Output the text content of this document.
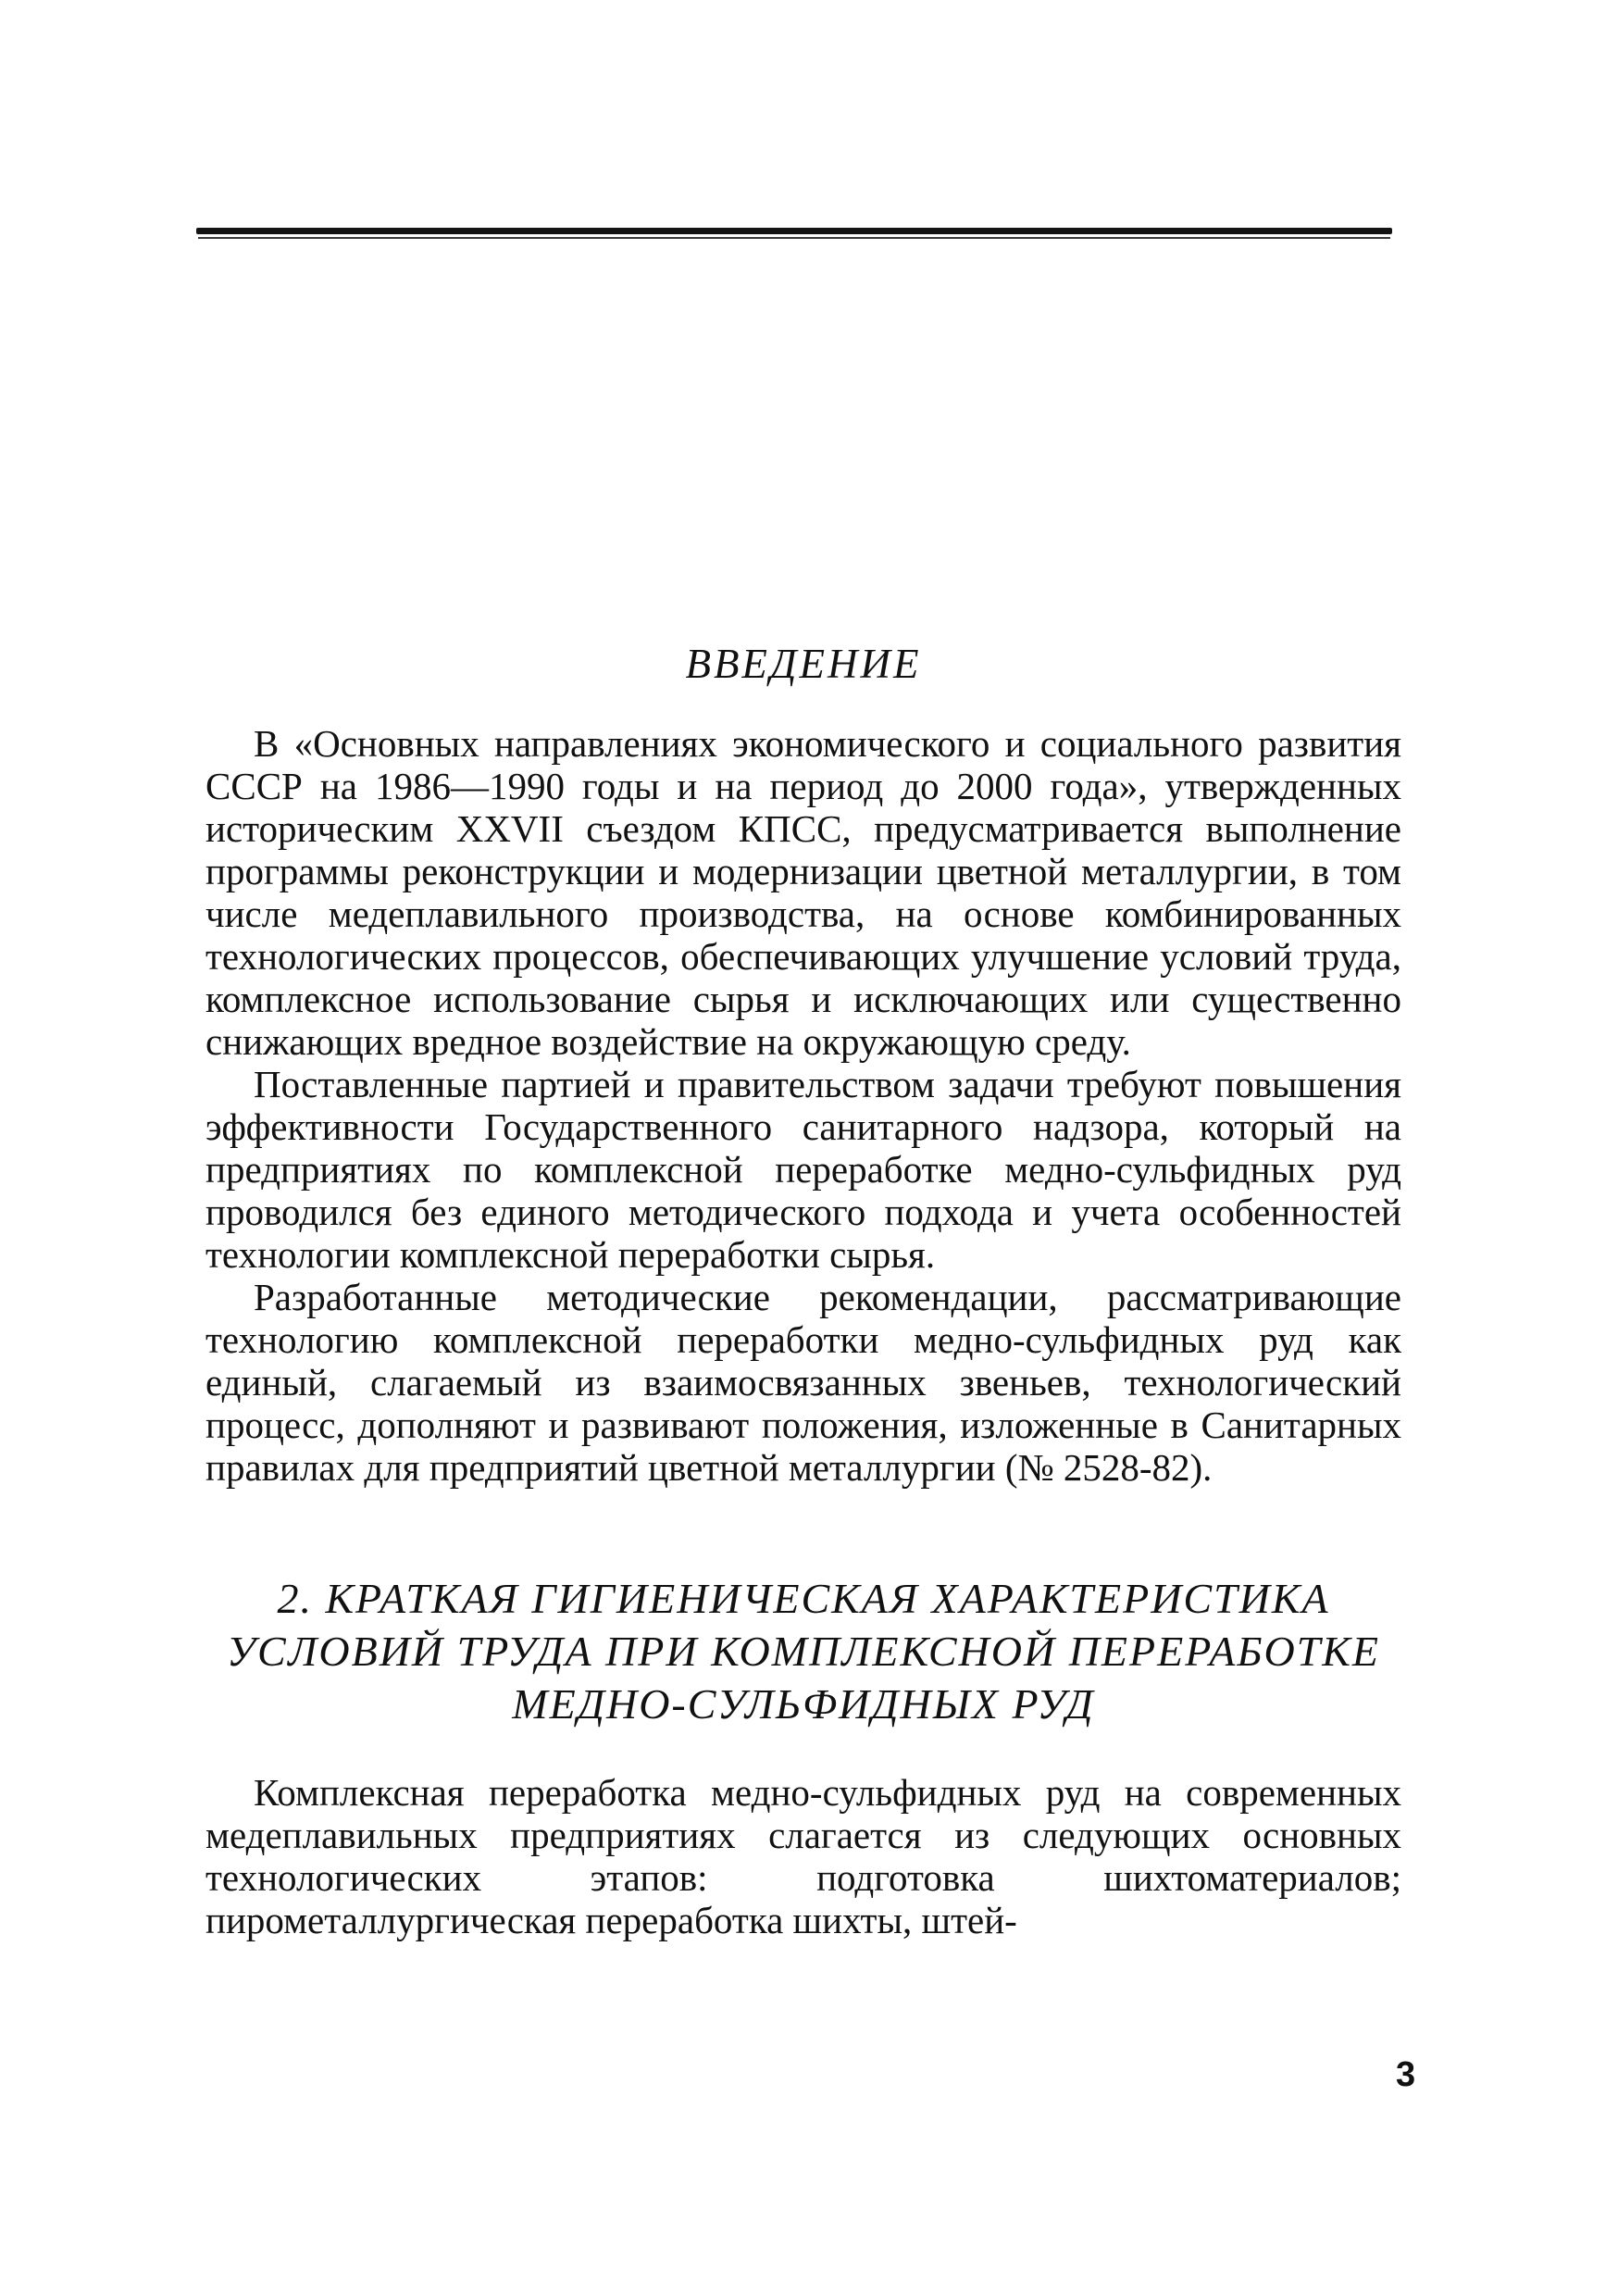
ВВЕДЕНИЕ

В «Основных направлениях экономического и социального развития СССР на 1986—1990 годы и на период до 2000 года», утвержденных историческим XXVII съездом КПСС, предусматривается выполнение программы реконструкции и модернизации цветной металлургии, в том числе медеплавильного производства, на основе комбинированных технологических процессов, обеспечивающих улучшение условий труда, комплексное использование сырья и исключающих или существенно снижающих вредное воздействие на окружающую среду.

Поставленные партией и правительством задачи требуют повышения эффективности Государственного санитарного надзора, который на предприятиях по комплексной переработке медно-сульфидных руд проводился без единого методического подхода и учета особенностей технологии комплексной переработки сырья.

Разработанные методические рекомендации, рассматривающие технологию комплексной переработки медно-сульфидных руд как единый, слагаемый из взаимосвязанных звеньев, технологический процесс, дополняют и развивают положения, изложенные в Санитарных правилах для предприятий цветной металлургии (№ 2528-82).

2. КРАТКАЯ ГИГИЕНИЧЕСКАЯ ХАРАКТЕРИСТИКА
УСЛОВИЙ ТРУДА ПРИ КОМПЛЕКСНОЙ ПЕРЕРАБОТКЕ
МЕДНО-СУЛЬФИДНЫХ РУД

Комплексная переработка медно-сульфидных руд на современных медеплавильных предприятиях слагается из следующих основных технологических этапов: подготовка шихтоматериалов; пирометаллургическая переработка шихты, штей-

3
